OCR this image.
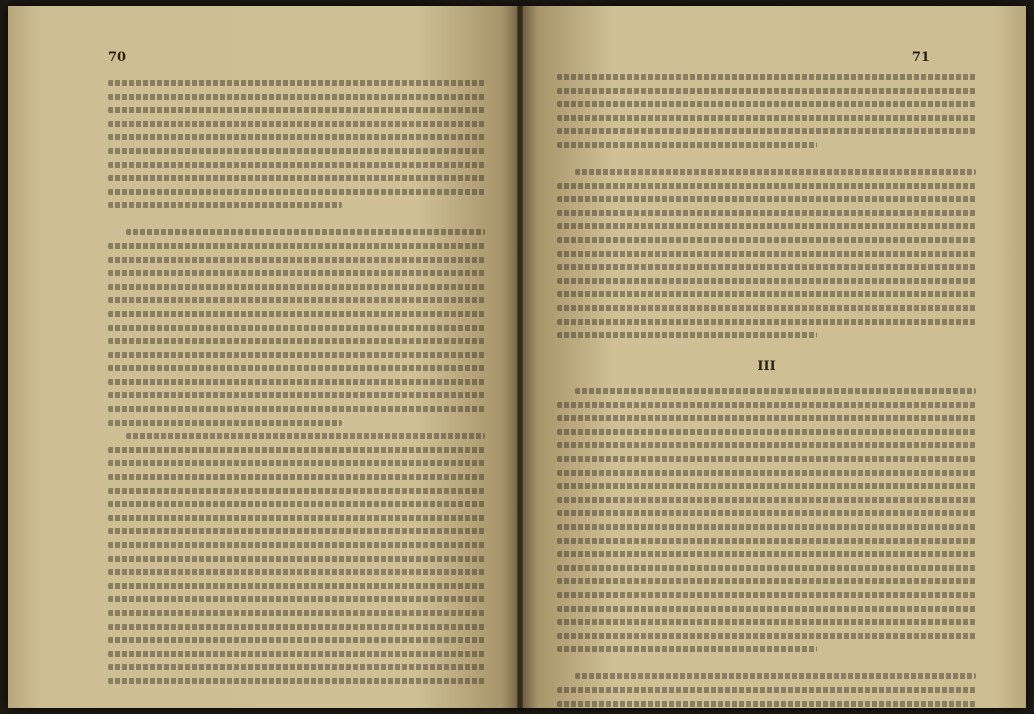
70	71
III
